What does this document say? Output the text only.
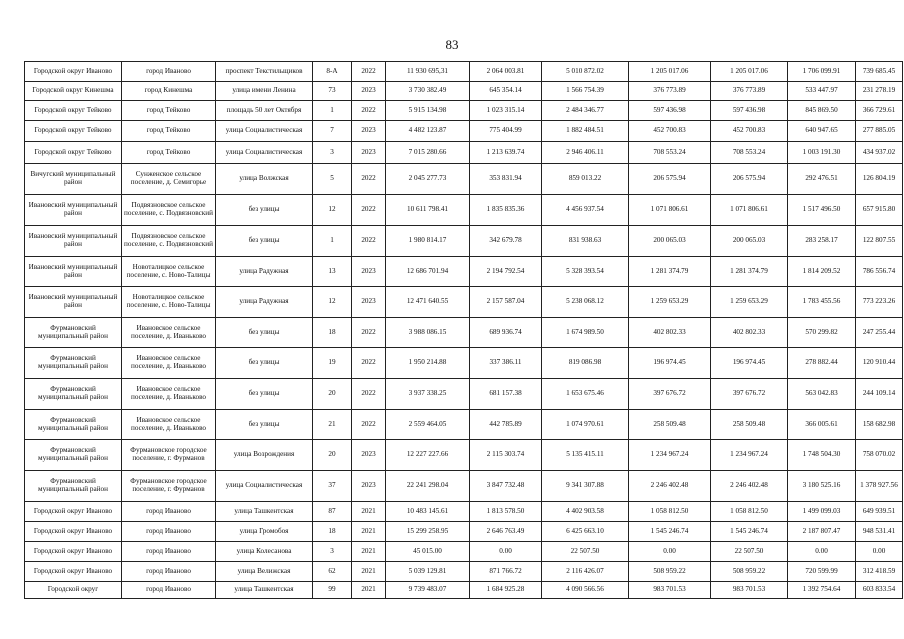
83
Городской округ Иваново	город Иваново	проспект Текстильщиков	8-А	2022	11 930 695,31	2 064 003.81	5 010 872.02	1 205 017.06	1 205 017.06	1 706 099.91	739 685.45
Городской округ Кинешма	город Кинешма	улица имени Ленина	73	2023	3 730 382.49	645 354.14	1 566 754.39	376 773.89	376 773.89	533 447.97	231 278.19
Городской округ Тейково	город Тейково	площадь 50 лет Октября	1	2022	5 915 134.98	1 023 315.14	2 484 346.77	597 436.98	597 436.98	845 869.50	366 729.61
Городской округ Тейково	город Тейково	улица Социалистическая	7	2023	4 482 123.87	775 404.99	1 882 484.51	452 700.83	452 700.83	640 947.65	277 885.05
Городской округ Тейково	город Тейково	улица Социалистическая	3	2023	7 015 280.66	1 213 639.74	2 946 406.11	708 553.24	708 553.24	1 003 191.30	434 937.02
Вичугский муниципальный район	Сунженское сельское поселение, д. Семигорье	улица Волжская	5	2022	2 045 277.73	353 831.94	859 013.22	206 575.94	206 575.94	292 476.51	126 804.19
Ивановский муниципальный район	Подвязновское сельское поселение, с. Подвязновский	без улицы	12	2022	10 611 798.41	1 835 835.36	4 456 937.54	1 071 806.61	1 071 806.61	1 517 496.50	657 915.80
Ивановский муниципальный район	Подвязновское сельское поселение, с. Подвязновский	без улицы	1	2022	1 980 814.17	342 679.78	831 938.63	200 065.03	200 065.03	283 258.17	122 807.55
Ивановский муниципальный район	Новоталицкое сельское поселение, с. Ново-Талицы	улица Радужная	13	2023	12 686 701.94	2 194 792.54	5 328 393.54	1 281 374.79	1 281 374.79	1 814 209.52	786 556.74
Ивановский муниципальный район	Новоталицкое сельское поселение, с. Ново-Талицы	улица Радужная	12	2023	12 471 640.55	2 157 587.04	5 238 068.12	1 259 653.29	1 259 653.29	1 783 455.56	773 223.26
Фурмановский муниципальный район	Ивановское сельское поселение, д. Иваньково	без улицы	18	2022	3 988 086.15	689 936.74	1 674 989.50	402 802.33	402 802.33	570 299.82	247 255.44
Фурмановский муниципальный район	Ивановское сельское поселение, д. Иваньково	без улицы	19	2022	1 950 214.88	337 386.11	819 086.98	196 974.45	196 974.45	278 882.44	120 910.44
Фурмановский муниципальный район	Ивановское сельское поселение, д. Иваньково	без улицы	20	2022	3 937 338.25	681 157.38	1 653 675.46	397 676.72	397 676.72	563 042.83	244 109.14
Фурмановский муниципальный район	Ивановское сельское поселение, д. Иваньково	без улицы	21	2022	2 559 464.05	442 785.89	1 074 970.61	258 509.48	258 509.48	366 005.61	158 682.98
Фурмановский муниципальный район	Фурмановское городское поселение, г. Фурманов	улица Возрождения	20	2023	12 227 227.66	2 115 303.74	5 135 415.11	1 234 967.24	1 234 967.24	1 748 504.30	758 070.02
Фурмановский муниципальный район	Фурмановское городское поселение, г. Фурманов	улица Социалистическая	37	2023	22 241 298.04	3 847 732.48	9 341 307.88	2 246 402.48	2 246 402.48	3 180 525.16	1 378 927.56
Городской округ Иваново	город Иваново	улица Ташкентская	87	2021	10 483 145.61	1 813 578.50	4 402 903.58	1 058 812.50	1 058 812.50	1 499 099.03	649 939.51
Городской округ Иваново	город Иваново	улица Громобоя	18	2021	15 299 258.95	2 646 763.49	6 425 663.10	1 545 246.74	1 545 246.74	2 187 807.47	948 531.41
Городской округ Иваново	город Иваново	улица Колесанова	3	2021	45 015.00	0.00	22 507.50	0.00	22 507.50	0.00	0.00
Городской округ Иваново	город Иваново	улица Велижская	62	2021	5 039 129.81	871 766.72	2 116 426.07	508 959.22	508 959.22	720 599.99	312 418.59
Городской округ	город Иваново	улица Ташкентская	99	2021	9 739 483.07	1 684 925.28	4 090 566.56	983 701.53	983 701.53	1 392 754.64	603 833.54
